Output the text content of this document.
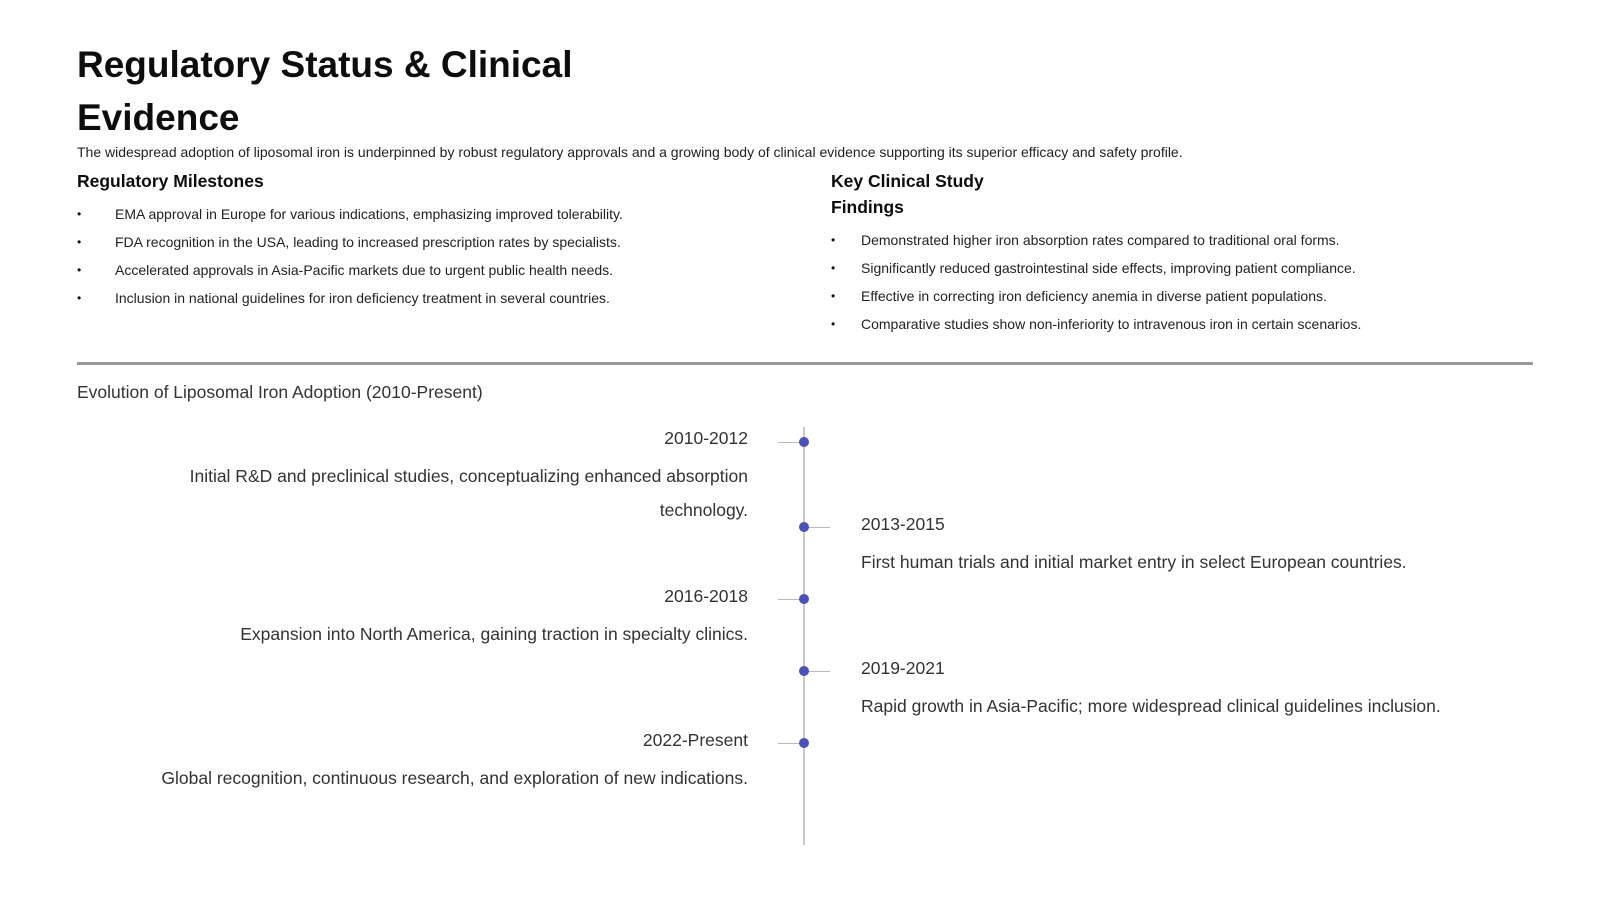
Regulatory Status & Clinical Evidence

The widespread adoption of liposomal iron is underpinned by robust regulatory approvals and a growing body of clinical evidence supporting its superior efficacy and safety profile.

Regulatory Milestones
• EMA approval in Europe for various indications, emphasizing improved tolerability.
• FDA recognition in the USA, leading to increased prescription rates by specialists.
• Accelerated approvals in Asia-Pacific markets due to urgent public health needs.
• Inclusion in national guidelines for iron deficiency treatment in several countries.
Key Clinical Study Findings
• Demonstrated higher iron absorption rates compared to traditional oral forms.
• Significantly reduced gastrointestinal side effects, improving patient compliance.
• Effective in correcting iron deficiency anemia in diverse patient populations.
• Comparative studies show non-inferiority to intravenous iron in certain scenarios.
Evolution of Liposomal Iron Adoption (2010-Present)
2010-2012
Initial R&D and preclinical studies, conceptualizing enhanced absorption technology.
2013-2015
First human trials and initial market entry in select European countries.
2016-2018
Expansion into North America, gaining traction in specialty clinics.
2019-2021
Rapid growth in Asia-Pacific; more widespread clinical guidelines inclusion.
2022-Present
Global recognition, continuous research, and exploration of new indications.
